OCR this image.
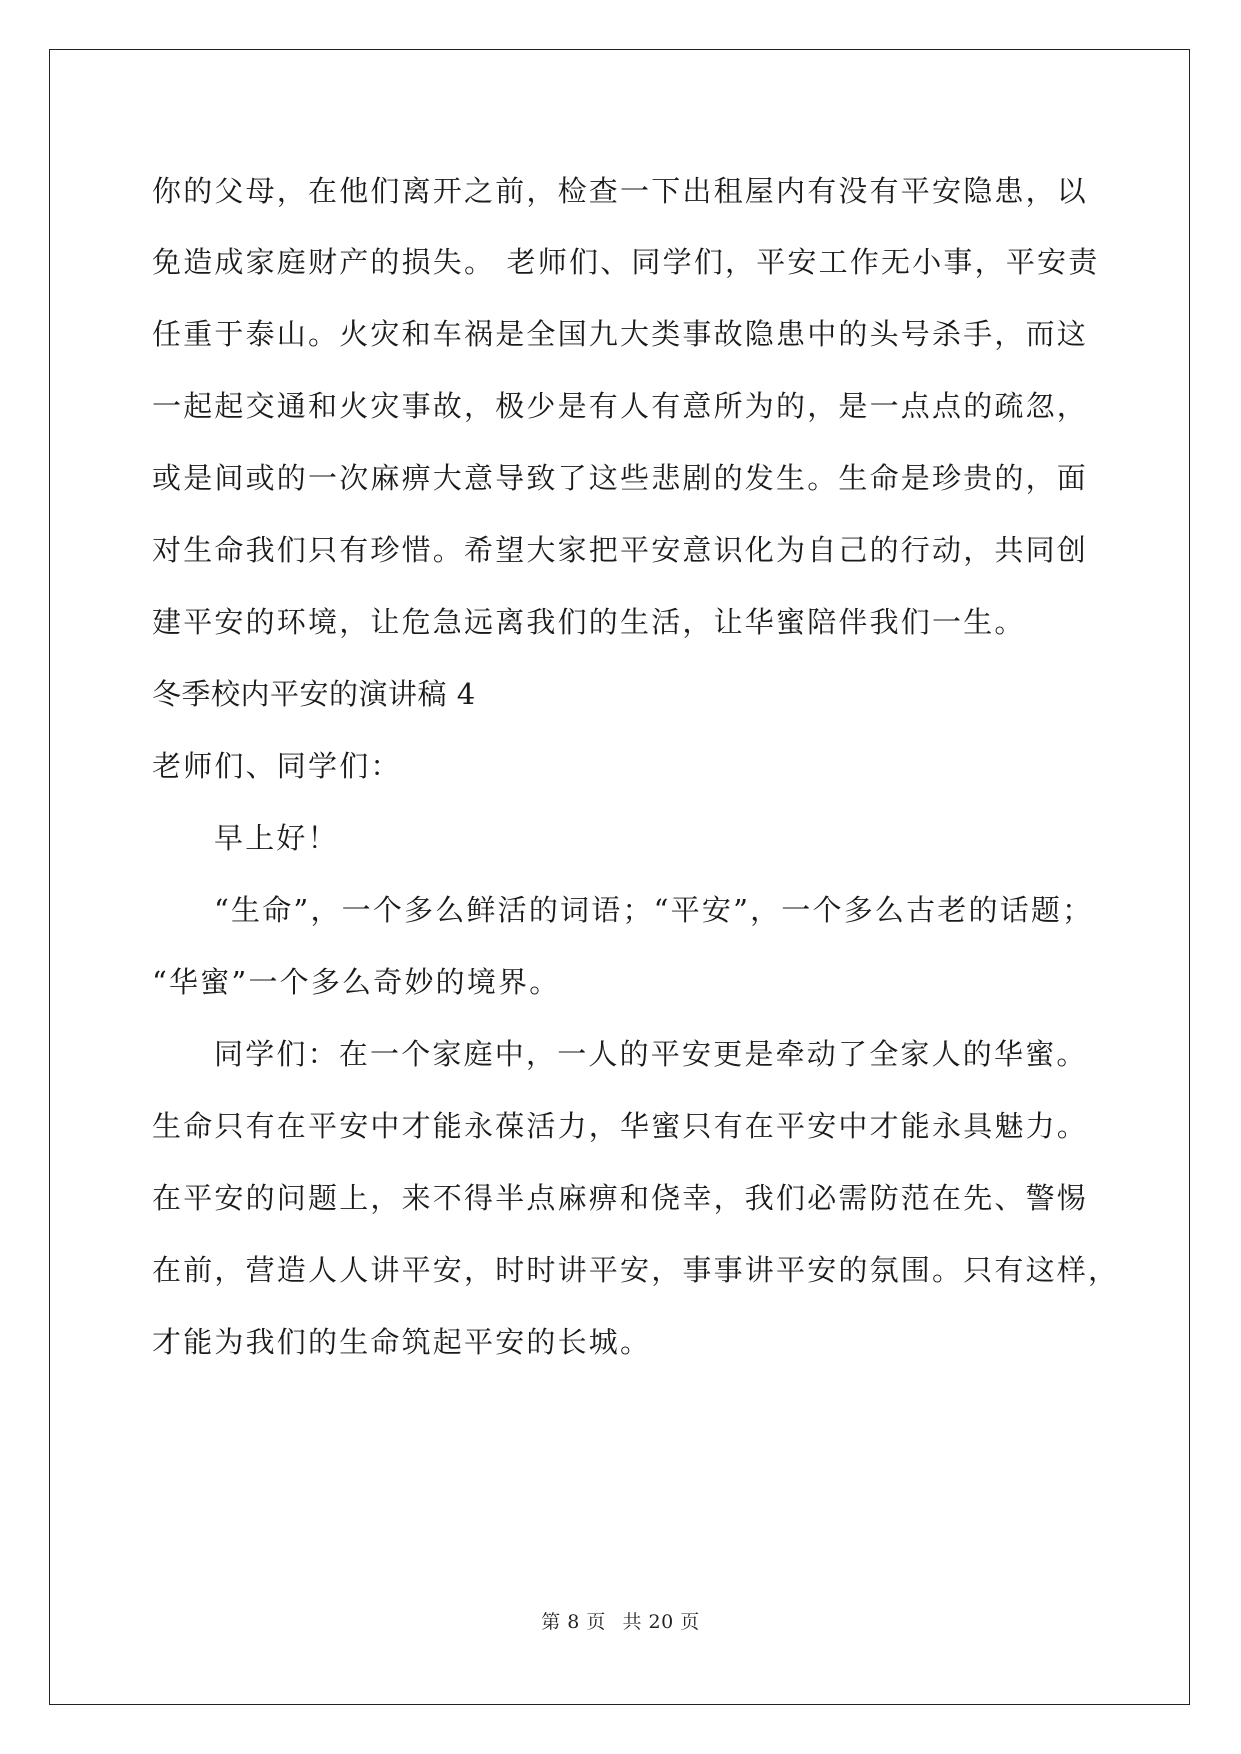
你的父母，在他们离开之前，检查一下出租屋内有没有平安隐患，以
免造成家庭财产的损失。 老师们、同学们，平安工作无小事，平安责
任重于泰山。火灾和车祸是全国九大类事故隐患中的头号杀手，而这
一起起交通和火灾事故，极少是有人有意所为的，是一点点的疏忽，
或是间或的一次麻痹大意导致了这些悲剧的发生。生命是珍贵的，面
对生命我们只有珍惜。希望大家把平安意识化为自己的行动，共同创
建平安的环境，让危急远离我们的生活，让华蜜陪伴我们一生。
冬季校内平安的演讲稿 4
老师们、同学们：
早上好！
“生命”，一个多么鲜活的词语；“平安”，一个多么古老的话题；
“华蜜”一个多么奇妙的境界。
同学们：在一个家庭中，一人的平安更是牵动了全家人的华蜜。
生命只有在平安中才能永葆活力，华蜜只有在平安中才能永具魅力。
在平安的问题上，来不得半点麻痹和侥幸，我们必需防范在先、警惕
在前，营造人人讲平安，时时讲平安，事事讲平安的氛围。只有这样，
才能为我们的生命筑起平安的长城。
第 8 页 共 20 页
